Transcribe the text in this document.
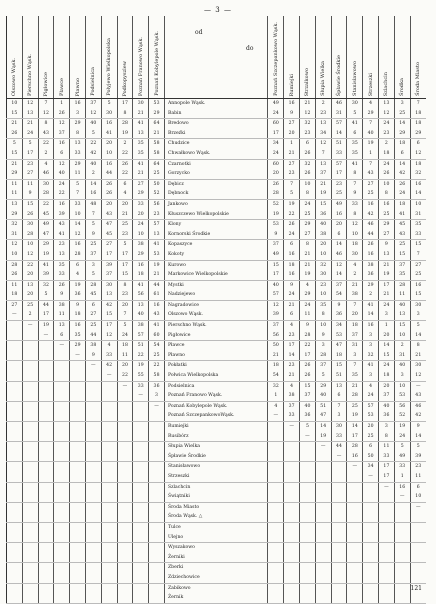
— 3 —
Olszowo Wąsk.	Pierschno Wąsk.	Pigłowice	Pławce	Pławno	Podsielnica	Połyjewo Wielkopolska	Podkopyszlew	Poznań Franowo Wąsk.	Poznań Kobylepole Wąsk.	od
do	Poznań Szczepankowo Wąsk.	Rumiejki	Strzałkowo	Słupia Wielka	Śpławie Środkie	Stanisławowo	Strzeszki	Szlachcin	Środka	Środa Miasto
10	12	7	1	16	37	5	17	30	53	Annopole Wąsk.	49	16	21	2	46	30	4	13	3	7
15	13	12	26	3	12	30	8	21	29	Babin	24	9	12	23	31	5	29	12	25	18
21	21	8	12	29	40	16	28	41	64	Bredowo	60	27	32	13	57	41	7	24	14	18
26	24	43	37	8	5	41	19	13	21	Brzeźki	17	20	23	34	14	6	40	23	29	29
5	5	22	16	13	22	20	2	35	58	Chudzice	34	1	6	12	51	35	19	2	18	6
15	17	2	6	33	42	10	22	35	58	Chwałkowo Wąsk.	24	21	26	7	33	35	1	18	6	12
21	23	4	12	29	40	16	26	41	64	Czarnotki	60	27	32	13	57	41	7	24	14	18
29	27	46	40	11	2	44	22	21	25	Gorzycko	20	23	26	37	17	8	43	26	42	32
11	11	30	24	5	14	26	6	27	50	Dębicz	26	7	10	21	23	7	27	10	26	16
11	9	28	22	7	16	26	4	29	52	Dębnock	28	5	8	19	25	9	25	8	24	14
13	15	22	16	33	48	20	20	33	56	Jankowo	52	19	24	15	49	33	16	16	18	10
29	26	45	39	10	7	43	21	20	23	Kłuszczewo Wielkopolskie	19	22	25	36	16	8	42	25	41	31
32	30	49	43	14	5	47	25	24	57	Klony	53	26	29	40	20	12	46	29	45	35
31	28	47	41	12	9	45	23	10	13	Kornorski Środkie	9	24	27	38	6	10	44	27	43	33
12	10	29	23	16	25	27	5	38	41	Kopaszyce	37	6	8	20	14	18	26	9	25	15
10	12	19	13	28	37	17	17	29	53	Kokoty	49	16	21	10	46	30	16	13	15	7
28	22	41	35	6	3	39	17	16	19	Kurowo	15	18	21	32	12	4	38	21	37	27
26	20	39	33	4	5	37	15	18	21	Markowice Wielkopolskie	17	16	19	30	14	2	36	19	35	25
11	13	32	26	19	28	30	8	41	44	Mystki	40	9	4	23	37	21	29	17	28	16
18	20	5	9	36	45	13	23	56	61	Nadziejewo	57	24	29	10	54	38	2	21	11	15
27	25	44	38	9	6	42	20	13	16	Nagradowice	12	21	24	35	9	7	41	24	40	30
—	2	17	11	18	27	15	7	40	43	Olszowo Wąsk.	39	6	11	8	36	20	14	3	13	3
	—	19	13	16	25	17	5	38	41	Pierschno Wąsk.	37	4	9	10	34	18	16	1	15	5
		—	6	35	44	12	24	57	60	Pigłowice	56	23	28	9	53	37	3	20	10	14
			—	29	38	4	18	51	54	Pławce	50	17	22	3	47	31	3	14	2	8
				—	9	33	11	22	25	Pławno	21	14	17	28	18	3	32	15	31	21
					—	42	20	19	22	Pokłatki	18	23	26	37	15	7	41	24	40	30
						—	22	55	58	Połwica Wielkopolska	54	21	26	5	51	35	3	18	3	12
							—	33	36	Podsielnica	32	4	15	29	13	21	4	20	10	—
								—	3	Poznań Franowo Wąsk.	1	38	37	40	6	28	24	37	53	43
									—	Poznań Kobylepole Wąsk.	4	37	40	51	7	25	57	40	56	46
										Poznań SzczepankowoWąsk.	—	33	36	47	3	19	53	36	52	42
										Rumiejki		—	5	14	30	14	20	3	19	9
										Rusibórz			—	19	33	17	25	8	24	14
										Słupia Wielka				—	44	28	6	11	5	5
										Śpławie Środkie					—	16	50	33	49	39
										Stanisławowo						—	34	17	33	23
										Strzeszki							—	17	1	11
										Szlachcin								—	16	6
										Świątniki									—	10
										Środa Miasto										—
										Środa Wąsk. △										
										Tulce										
										Ulejno										
										Wyszakowo										
										Żerniki										
										Zberki										
										Zdziechowice										
										Zabikowo										
										Żernik										
121
